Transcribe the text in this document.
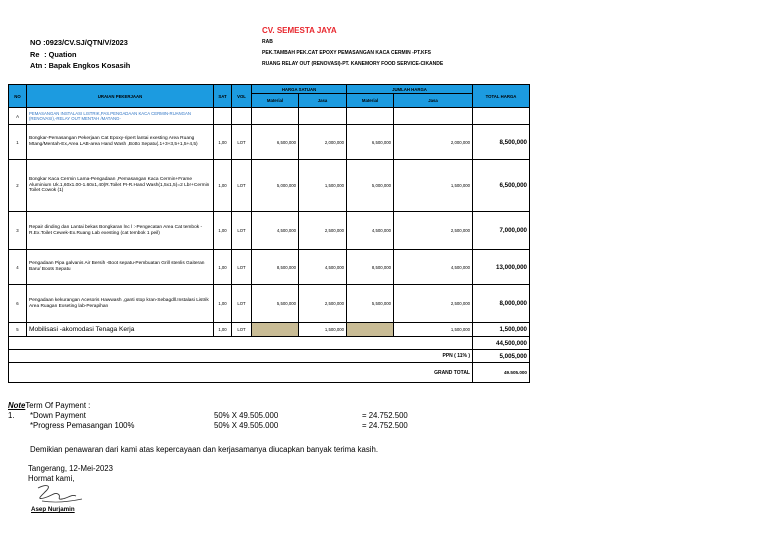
CV. SEMESTA JAYA
RAB
PEK.TAMBAH PEK.CAT EPOXY PEMASANGAN KACA CERMIN -PT.KFS
RUANG RELAY OUT (RENOVASI)-PT. KANEMORY FOOD SERVICE-CIKANDE
NO :0923/CV.SJ/QTN/V/2023
Re : Quation
Atn : Bapak Engkos Kosasih
NO	URAIAN PEKERJAAN	SAT	VOL	HARGA SATUAN		JUMLAH HARGA		TOTAL HARGA
				Material	Jasa	Material	Jasa	
A	PEMASANGAN INSTALASI LISTRIK,PAS.PENGADAAN KACA CERMIN-RUANGAN (RENOVASI),-RELAY OUT MENTAH /MATANG-							
1	Bongkar-Pemasangan Pekerjaan Cat Epoxy-ripert lantai exesting Area Ruang Mtang/Mentah-Ex,Area LAB-area Hand Wash ,Botto Sepatu(.1+3+3,5+1,5+4,5)	1,00	LOT	6,500,000	2,000,000	6,500,000	2,000,000	8,500,000
2	Bongkar Kaca Cermin Lama-Pengadaan ,Pemasangan Kaca Cermin+Frame Aluminium Uk.1,60x1.00-1.60x1,40(R.Toilet PI-R.Hand Wash(1,5x1,5)=2 Lbr+Cermin Toilet Cowok (1)	1,00	LOT	5,000,000	1,500,000	5,000,000	1,500,000	6,500,000
3	Repair dinding dan Lantai bekas Bongkaran lnc l :-Pengecatan Area Cat tembok -R.Ex.Toilet Cewek-Ex.Ruang Lab exesting (cat tembok 1 peil)	1,00	LOT	4,500,000	2,500,000	4,500,000	2,500,000	7,000,000
4	Pengadaan Pipa galvanis Air Bersih -Boot sepatu-Pembuatan Grill stenlis Gaiteran Baru/ Boots Sepatu	1,00	LOT	8,500,000	4,500,000	8,500,000	4,500,000	13,000,000
6	Pengadaan kekurangan Acesoris Hawwash ,ganti stop kran-Sebagdll.Instalasi Listrik Area Ruagan Exseting lab-Perapihan	1,00	LOT	5,500,000	2,500,000	5,500,000	2,500,000	8,000,000
5	Mobilisasi -akomodasi Tenaga Kerja	1,00	LOT		1,500,000		1,500,000	1,500,000
								44,500,000
PPN ( 11% )								5,005,000
GRAND TOTAL								49.505.000
NoteTerm Of Payment :
1. *Down Payment	50% X 49.505.000	= 24.752.500
*Progress Pemasangan 100%	50% X 49.505.000	= 24.752.500
Demikian penawaran dari kami atas kepercayaan dan kerjasamanya diucapkan banyak terima kasih.
Tangerang, 12-Mei-2023
Hormat kami,
Asep Nurjamin
